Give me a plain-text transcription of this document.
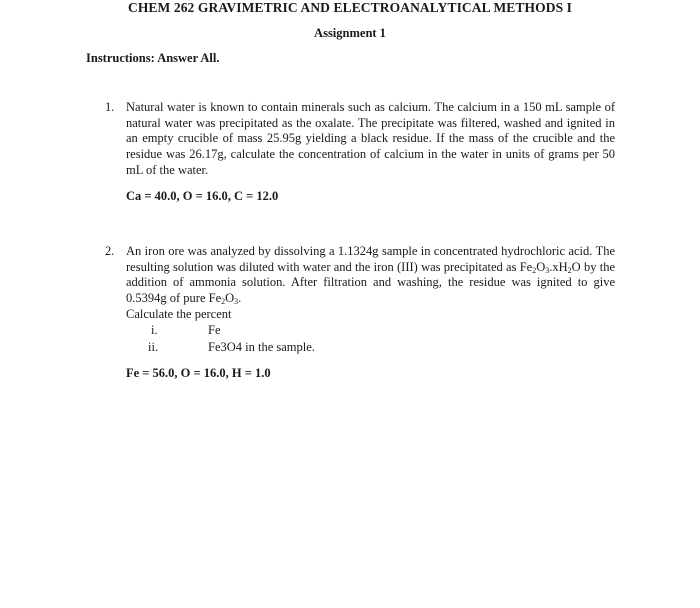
CHEM 262 GRAVIMETRIC AND ELECTROANALYTICAL METHODS I
Assignment 1
Instructions: Answer All.
1. Natural water is known to contain minerals such as calcium. The calcium in a 150 mL sample of natural water was precipitated as the oxalate. The precipitate was filtered, washed and ignited in an empty crucible of mass 25.95g yielding a black residue. If the mass of the crucible and the residue was 26.17g, calculate the concentration of calcium in the water in units of grams per 50 mL of the water.
Ca = 40.0, O = 16.0, C = 12.0
2. An iron ore was analyzed by dissolving a 1.1324g sample in concentrated hydrochloric acid. The resulting solution was diluted with water and the iron (III) was precipitated as $Fe_2O_3.xH_2O$ by the addition of ammonia solution. After filtration and washing, the residue was ignited to give 0.5394g of pure $Fe_2O_3$.
Calculate the percent
i.	Fe
ii.	Fe3O4 in the sample.
Fe = 56.0, O = 16.0, H = 1.0
